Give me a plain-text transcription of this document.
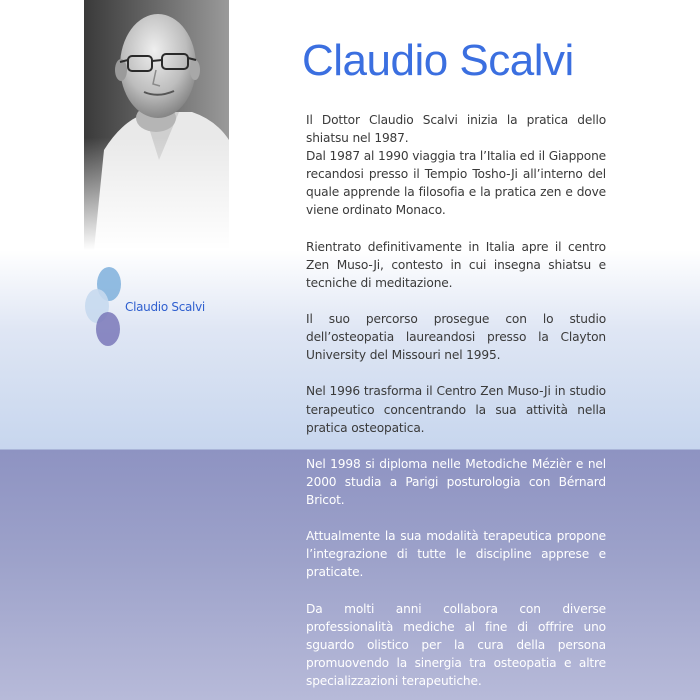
Claudio Scalvi
Claudio Scalvi

Il Dottor Claudio Scalvi inizia la pratica dello shiatsu nel 1987.

Dal 1987 al 1990 viaggia tra l’Italia ed il Giappone recandosi presso il Tempio Tosho-Ji all’interno del quale apprende la filosofia e la pratica zen e dove viene ordinato Monaco.

Rientrato definitivamente in Italia apre il centro Zen Muso-Ji, contesto in cui insegna shiatsu e tecniche di meditazione.

Il suo percorso prosegue con lo studio dell’osteopatia laureandosi presso la Clayton University del Missouri nel 1995.

Nel 1996 trasforma il Centro Zen Muso-Ji in studio terapeutico concentrando la sua attività nella pratica osteopatica.

Nel 1998 si diploma nelle Metodiche Mézièr e nel 2000 studia a Parigi posturologia con Bérnard Bricot.

Attualmente la sua modalità terapeutica propone l’integrazione di tutte le discipline apprese e praticate.

Da molti anni collabora con diverse professionalità mediche al fine di offrire uno sguardo olistico per la cura della persona promuovendo la sinergia tra osteopatia e altre specializzazioni terapeutiche.
